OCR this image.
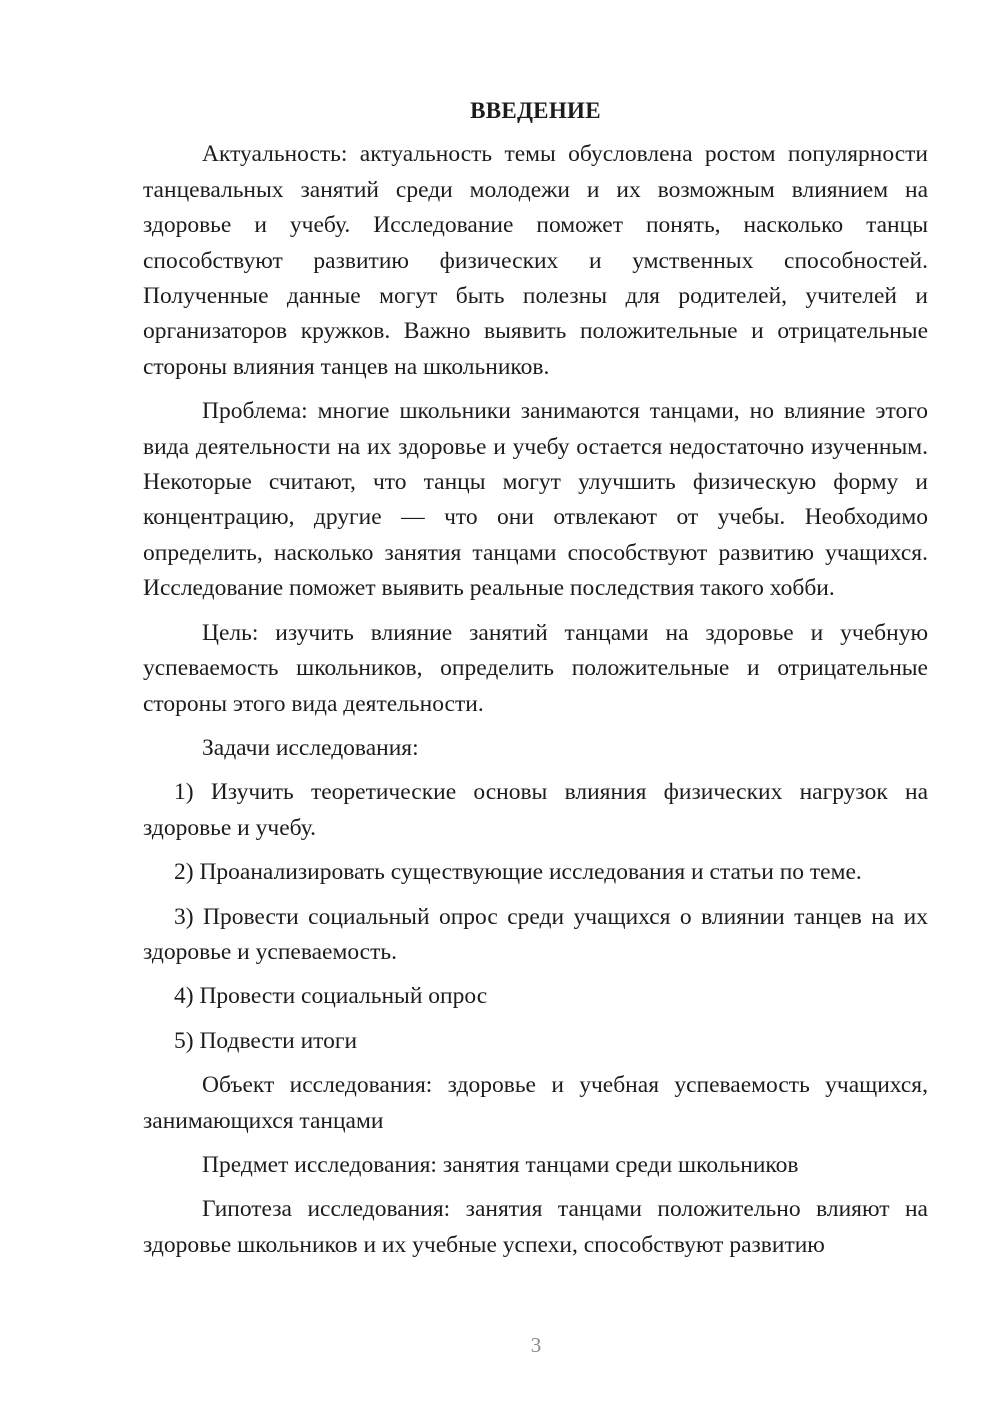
ВВЕДЕНИЕ

Актуальность: актуальность темы обусловлена ростом популярности танцевальных занятий среди молодежи и их возможным влиянием на здоровье и учебу. Исследование поможет понять, насколько танцы способствуют развитию физических и умственных способностей. Полученные данные могут быть полезны для родителей, учителей и организаторов кружков. Важно выявить положительные и отрицательные стороны влияния танцев на школьников.

Проблема: многие школьники занимаются танцами, но влияние этого вида деятельности на их здоровье и учебу остается недостаточно изученным. Некоторые считают, что танцы могут улучшить физическую форму и концентрацию, другие — что они отвлекают от учебы. Необходимо определить, насколько занятия танцами способствуют развитию учащихся. Исследование поможет выявить реальные последствия такого хобби.

Цель: изучить влияние занятий танцами на здоровье и учебную успеваемость школьников, определить положительные и отрицательные стороны этого вида деятельности.

Задачи исследования:

1) Изучить теоретические основы влияния физических нагрузок на здоровье и учебу.

2) Проанализировать существующие исследования и статьи по теме.

3) Провести социальный опрос среди учащихся о влиянии танцев на их здоровье и успеваемость.

4) Провести социальный опрос

5) Подвести итоги

Объект исследования: здоровье и учебная успеваемость учащихся, занимающихся танцами

Предмет исследования: занятия танцами среди школьников

Гипотеза исследования: занятия танцами положительно влияют на здоровье школьников и их учебные успехи, способствуют развитию

3
